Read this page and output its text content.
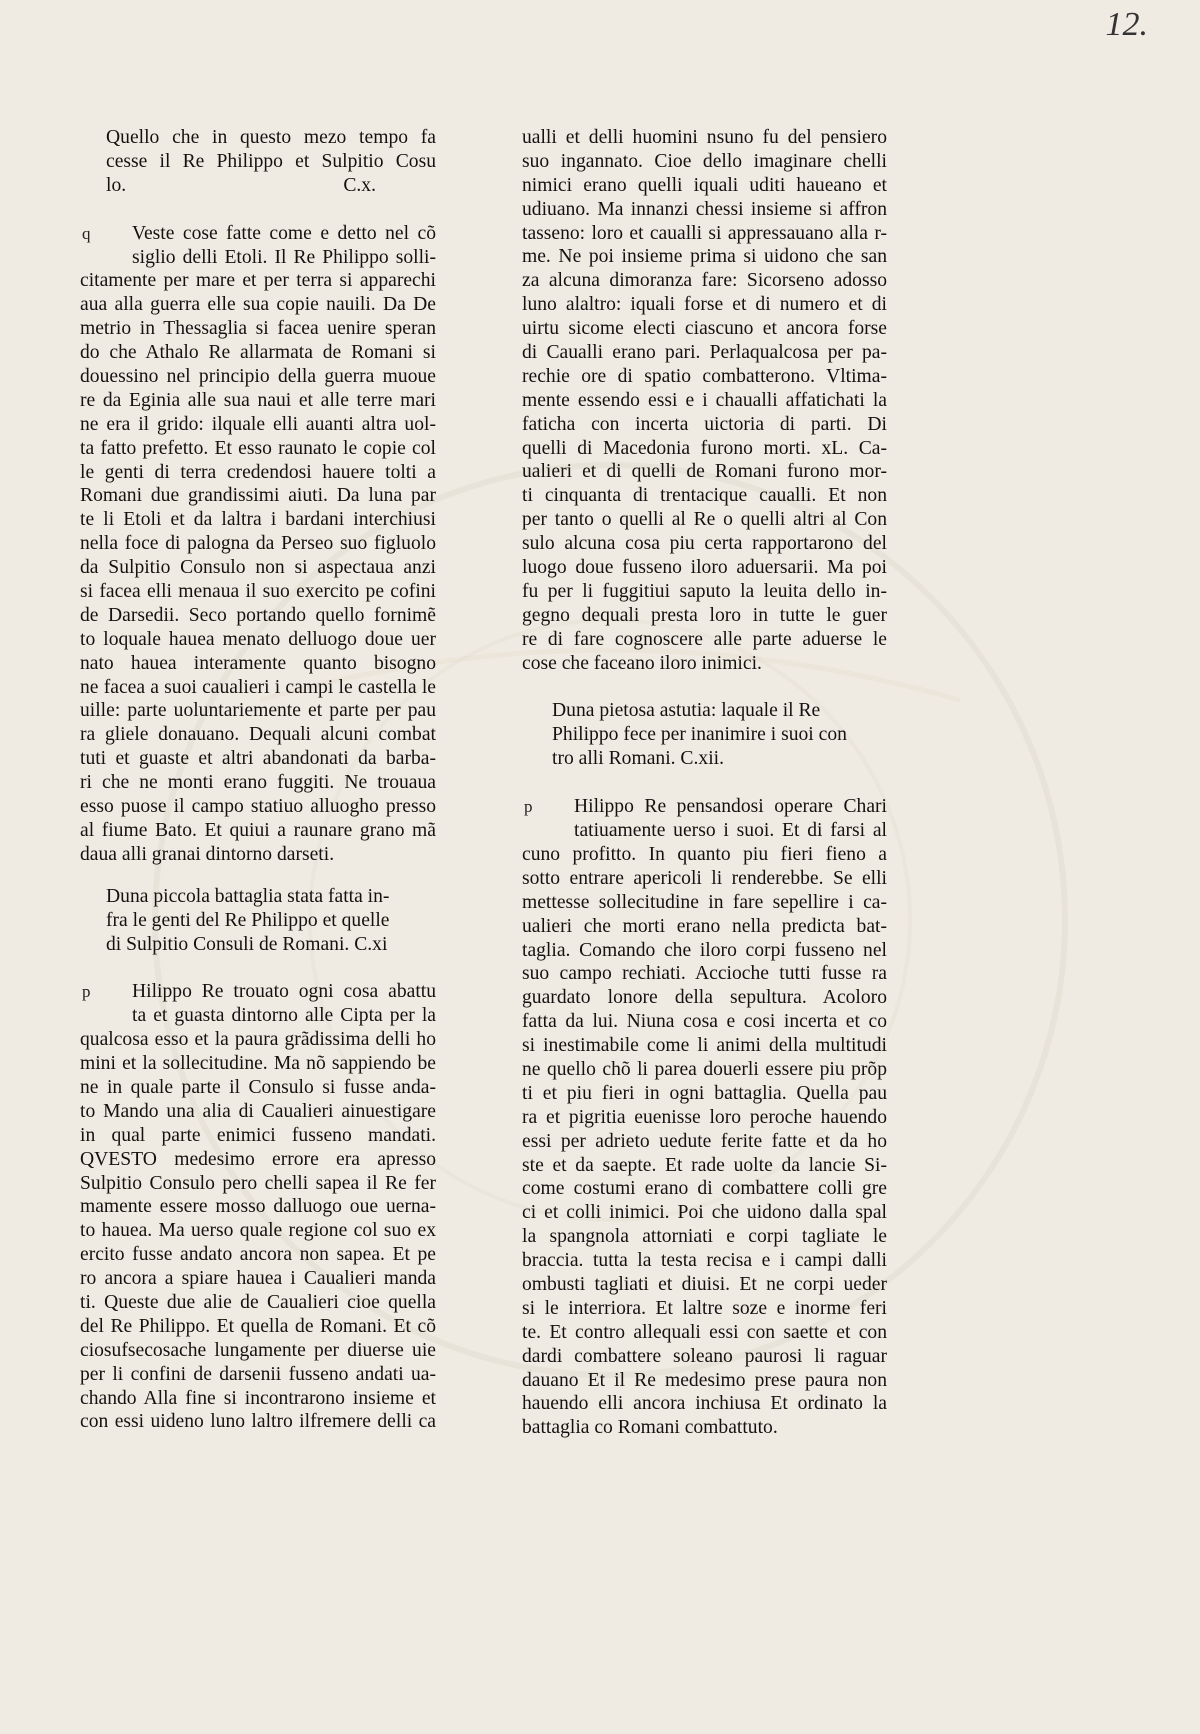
12.
Quello che in questo mezo tempo fa
cesse il Re Philippo et Sulpitio Cosu
lo.	C.x.
q	Veste cose fatte come e detto nel cõ
siglio delli Etoli. Il Re Philippo solli-
citamente per mare et per terra si apparechi
aua alla guerra elle sua copie nauili. Da De
metrio in Thessaglia si facea uenire speran
do che Athalo Re allarmata de Romani si
douessino nel principio della guerra muoue
re da Eginia alle sua naui et alle terre mari
ne era il grido: ilquale elli auanti altra uol-
ta fatto prefetto. Et esso raunato le copie col
le genti di terra credendosi hauere tolti a
Romani due grandissimi aiuti. Da luna par
te li Etoli et da laltra i bardani interchiusi
nella foce di palogna da Perseo suo figluolo
da Sulpitio Consulo non si aspectaua anzi
si facea elli menaua il suo exercito pe cofini
de Darsedii. Seco portando quello fornimẽ
to loquale hauea menato delluogo doue uer
nato hauea interamente quanto bisogno
ne facea a suoi caualieri i campi le castella le
uille: parte uoluntariemente et parte per pau
ra gliele donauano. Dequali alcuni combat
tuti et guaste et altri abandonati da barba-
ri che ne monti erano fuggiti. Ne trouaua
esso puose il campo statiuo alluogho presso
al fiume Bato. Et quiui a raunare grano mã
daua alli granai dintorno darseti.
Duna piccola battaglia stata fatta in-
fra le genti del Re Philippo et quelle
di Sulpitio Consuli de Romani. C.xi
p	Hilippo Re trouato ogni cosa abattu
ta et guasta dintorno alle Cipta per la
qualcosa esso et la paura grãdissima delli ho
mini et la sollecitudine. Ma nõ sappiendo be
ne in quale parte il Consulo si fusse anda-
to Mando una alia di Caualieri ainuestigare
in qual parte enimici fusseno mandati.
QVESTO medesimo errore era apresso
Sulpitio Consulo pero chelli sapea il Re fer
mamente essere mosso dalluogo oue uerna-
to hauea. Ma uerso quale regione col suo ex
ercito fusse andato ancora non sapea. Et pe
ro ancora a spiare hauea i Caualieri manda
ti. Queste due alie de Caualieri cioe quella
del Re Philippo. Et quella de Romani. Et cõ
ciosufsecosache lungamente per diuerse uie
per li confini de darsenii fusseno andati ua-
chando Alla fine si incontrarono insieme et
con essi uideno luno laltro ilfremere delli ca
ualli et delli huomini nsuno fu del pensiero
suo ingannato. Cioe dello imaginare chelli
nimici erano quelli iquali uditi haueano et
udiuano. Ma innanzi chessi insieme si affron
tasseno: loro et caualli si appressauano alla r-
me. Ne poi insieme prima si uidono che san
za alcuna dimoranza fare: Sicorseno adosso
luno alaltro: iquali forse et di numero et di
uirtu sicome electi ciascuno et ancora forse
di Caualli erano pari. Perlaqualcosa per pa-
rechie ore di spatio combatterono. Vltima-
mente essendo essi e i chaualli affatichati la
faticha con incerta uictoria di parti. Di
quelli di Macedonia furono morti. xL. Ca-
ualieri et di quelli de Romani furono mor-
ti cinquanta di trentacique caualli. Et non
per tanto o quelli al Re o quelli altri al Con
sulo alcuna cosa piu certa rapportarono del
luogo doue fusseno iloro aduersarii. Ma poi
fu per li fuggitiui saputo la leuita dello in-
gegno dequali presta loro in tutte le guer
re di fare cognoscere alle parte aduerse le
cose che faceano iloro inimici.
Duna pietosa astutia: laquale il Re
Philippo fece per inanimire i suoi con
tro alli Romani. C.xii.
p	Hilippo Re pensandosi operare Chari
tatiuamente uerso i suoi. Et di farsi al
cuno profitto. In quanto piu fieri fieno a
sotto entrare apericoli li renderebbe. Se elli
mettesse sollecitudine in fare sepellire i ca-
ualieri che morti erano nella predicta bat-
taglia. Comando che iloro corpi fusseno nel
suo campo rechiati. Accioche tutti fusse ra
guardato lonore della sepultura. Acoloro
fatta da lui. Niuna cosa e cosi incerta et co
si inestimabile come li animi della multitudi
ne quello chõ li parea douerli essere piu prõp
ti et piu fieri in ogni battaglia. Quella pau
ra et pigritia euenisse loro peroche hauendo
essi per adrieto uedute ferite fatte et da ho
ste et da saepte. Et rade uolte da lancie Si-
come costumi erano di combattere colli gre
ci et colli inimici. Poi che uidono dalla spal
la spangnola attorniati e corpi tagliate le
braccia. tutta la testa recisa e i campi dalli
ombusti tagliati et diuisi. Et ne corpi ueder
si le interriora. Et laltre soze e inorme feri
te. Et contro allequali essi con saette et con
dardi combattere soleano paurosi li raguar
dauano Et il Re medesimo prese paura non
hauendo elli ancora inchiusa Et ordinato la
battaglia co Romani combattuto.
